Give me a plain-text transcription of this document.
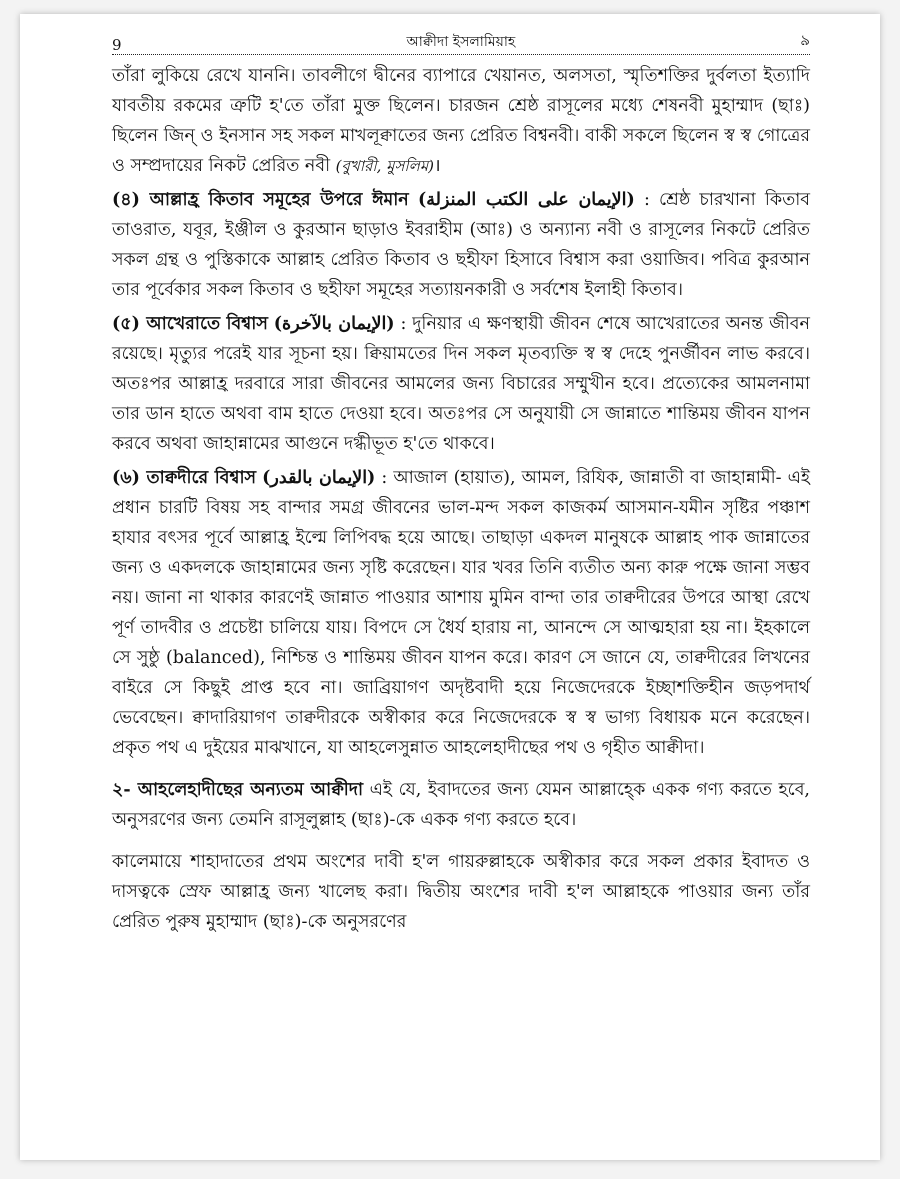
9	আক্বীদা ইসলামিয়াহ	৯

তাঁরা লুকিয়ে রেখে যাননি। তাবলীগে দ্বীনের ব্যাপারে খেয়ানত, অলসতা, স্মৃতিশক্তির দুর্বলতা ইত্যাদি যাবতীয় রকমের ত্রুটি হ'তে তাঁরা মুক্ত ছিলেন। চারজন শ্রেষ্ঠ রাসূলের মধ্যে শেষনবী মুহাম্মাদ (ছাঃ) ছিলেন জিন্ ও ইনসান সহ সকল মাখলূক্বাতের জন্য প্রেরিত বিশ্বনবী। বাকী সকলে ছিলেন স্ব স্ব গোত্রের ও সম্প্রদায়ের নিকট প্রেরিত নবী (বুখারী, মুসলিম)।

(৪) আল্লাহ্র কিতাব সমূহের উপরে ঈমান (الإيمان على الكتب المنزلة) : শ্রেষ্ঠ চারখানা কিতাব তাওরাত, যবূর, ইঞ্জীল ও কুরআন ছাড়াও ইবরাহীম (আঃ) ও অন্যান্য নবী ও রাসূলের নিকটে প্রেরিত সকল গ্রন্থ ও পুস্তিকাকে আল্লাহ প্রেরিত কিতাব ও ছহীফা হিসাবে বিশ্বাস করা ওয়াজিব। পবিত্র কুরআন তার পূর্বেকার সকল কিতাব ও ছহীফা সমূহের সত্যায়নকারী ও সর্বশেষ ইলাহী কিতাব।

(৫) আখেরাতে বিশ্বাস (الإيمان بالآخرة) : দুনিয়ার এ ক্ষণস্থায়ী জীবন শেষে আখেরাতের অনন্ত জীবন রয়েছে। মৃত্যুর পরেই যার সূচনা হয়। ক্বিয়ামতের দিন সকল মৃতব্যক্তি স্ব স্ব দেহে পুনর্জীবন লাভ করবে। অতঃপর আল্লাহ্র দরবারে সারা জীবনের আমলের জন্য বিচারের সম্মুখীন হবে। প্রত্যেকের আমলনামা তার ডান হাতে অথবা বাম হাতে দেওয়া হবে। অতঃপর সে অনুযায়ী সে জান্নাতে শান্তিময় জীবন যাপন করবে অথবা জাহান্নামের আগুনে দগ্ধীভূত হ'তে থাকবে।

(৬) তাক্বদীরে বিশ্বাস (الإيمان بالقدر) : আজাল (হায়াত), আমল, রিযিক, জান্নাতী বা জাহান্নামী- এই প্রধান চারটি বিষয় সহ বান্দার সমগ্র জীবনের ভাল-মন্দ সকল কাজকর্ম আসমান-যমীন সৃষ্টির পঞ্চাশ হাযার বৎসর পূর্বে আল্লাহ্র ইল্মে লিপিবদ্ধ হয়ে আছে। তাছাড়া একদল মানুষকে আল্লাহ পাক জান্নাতের জন্য ও একদলকে জাহান্নামের জন্য সৃষ্টি করেছেন। যার খবর তিনি ব্যতীত অন্য কারু পক্ষে জানা সম্ভব নয়। জানা না থাকার কারণেই জান্নাত পাওয়ার আশায় মুমিন বান্দা তার তাক্বদীরের উপরে আস্থা রেখে পূর্ণ তাদবীর ও প্রচেষ্টা চালিয়ে যায়। বিপদে সে ধৈর্য হারায় না, আনন্দে সে আত্মহারা হয় না। ইহকালে সে সুষ্ঠু (balanced), নিশ্চিন্ত ও শান্তিময় জীবন যাপন করে। কারণ সে জানে যে, তাক্বদীরের লিখনের বাইরে সে কিছুই প্রাপ্ত হবে না। জাব্রিয়াগণ অদৃষ্টবাদী হয়ে নিজেদেরকে ইচ্ছাশক্তিহীন জড়পদার্থ ভেবেছেন। ক্বাদারিয়াগণ তাক্বদীরকে অস্বীকার করে নিজেদেরকে স্ব স্ব ভাগ্য বিধায়ক মনে করেছেন। প্রকৃত পথ এ দুইয়ের মাঝখানে, যা আহলেসুন্নাত আহলেহাদীছের পথ ও গৃহীত আক্বীদা।

২- আহলেহাদীছের অন্যতম আক্বীদা এই যে, ইবাদতের জন্য যেমন আল্লাহ্কে একক গণ্য করতে হবে, অনুসরণের জন্য তেমনি রাসূলুল্লাহ (ছাঃ)-কে একক গণ্য করতে হবে।

কালেমায়ে শাহাদাতের প্রথম অংশের দাবী হ'ল গায়রুল্লাহকে অস্বীকার করে সকল প্রকার ইবাদত ও দাসত্বকে স্রেফ আল্লাহ্র জন্য খালেছ করা। দ্বিতীয় অংশের দাবী হ'ল আল্লাহকে পাওয়ার জন্য তাঁর প্রেরিত পুরুষ মুহাম্মাদ (ছাঃ)-কে অনুসরণের
